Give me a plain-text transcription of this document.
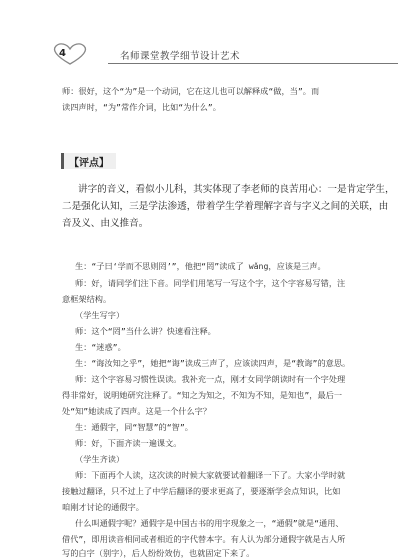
4	名师课堂教学细节设计艺术
师：很好，这个“为”是一个动词，它在这儿也可以解释成“做，当”。而
读四声时，“为”常作介词，比如“为什么”。
【评点】
讲字的音义，看似小儿科，其实体现了李老师的良苦用心：一是肯定学生，
二是强化认知，三是学法渗透，带着学生学着理解字音与字义之间的关联，由
音及义、由义推音。
生：“子曰‘学而不思则罔’”，他把“罔”读成了 wǎng，应该是三声。
师：好，请同学们注下音。同学们用笔写一写这个字，这个字容易写错，注
意框架结构。
（学生写字）
师：这个“罔”当什么讲？快速看注释。
生：“迷惑”。
生：“诲汝知之乎”，她把“诲”读成三声了，应该读四声，是“教诲”的意思。
师：这个字容易习惯性误读。我补充一点，刚才女同学朗读时有一个字处理
得非常好，说明她研究注释了。“知之为知之，不知为不知，是知也”，最后一
处“知”她读成了四声。这是一个什么字？
生：通假字，同“智慧”的“智”。
师：好，下面齐读一遍课文。
（学生齐读）
师：下面再个人读，这次读的时候大家就要试着翻译一下了。大家小学时就
接触过翻译，只不过上了中学后翻译的要求更高了，要逐渐学会点知识，比如
咱刚才讨论的通假字。
什么叫通假字呢？通假字是中国古书的用字现象之一，“通假”就是“通用、
借代”，即用读音相同或者相近的字代替本字。有人认为部分通假字就是古人所
写的白字（别字），后人纷纷效仿，也就固定下来了。
